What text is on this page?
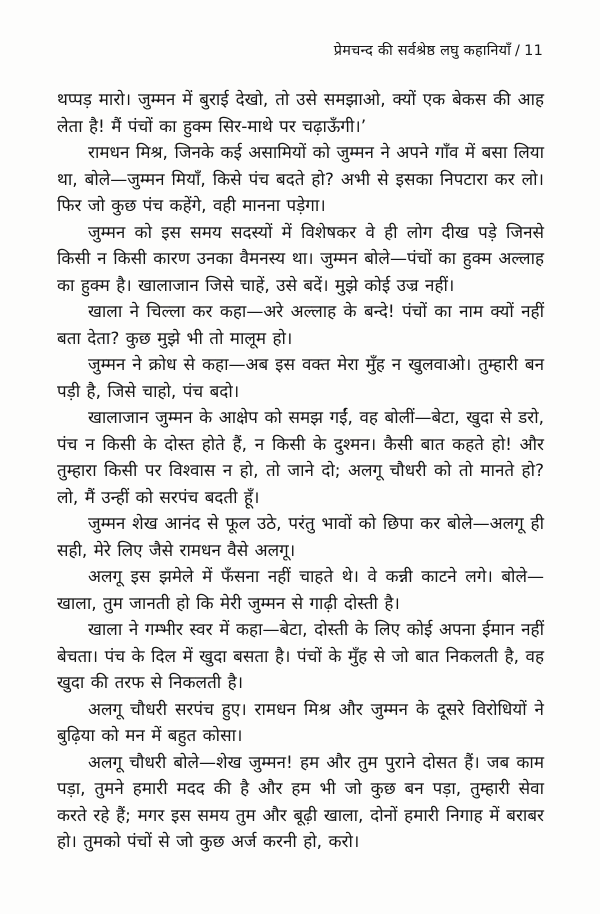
प्रेमचन्द की सर्वश्रेष्ठ लघु कहानियाँ / 11

थप्पड़ मारो। जुम्मन में बुराई देखो, तो उसे समझाओ, क्यों एक बेकस की आह लेता है! मैं पंचों का हुक्म सिर-माथे पर चढ़ाऊँगी।’

रामधन मिश्र, जिनके कई असामियों को जुम्मन ने अपने गाँव में बसा लिया था, बोले—जुम्मन मियाँ, किसे पंच बदते हो? अभी से इसका निपटारा कर लो। फिर जो कुछ पंच कहेंगे, वही मानना पड़ेगा।

जुम्मन को इस समय सदस्यों में विशेषकर वे ही लोग दीख पड़े जिनसे किसी न किसी कारण उनका वैमनस्य था। जुम्मन बोले—पंचों का हुक्म अल्लाह का हुक्म है। खालाजान जिसे चाहें, उसे बदें। मुझे कोई उज्र नहीं।

खाला ने चिल्ला कर कहा—अरे अल्लाह के बन्दे! पंचों का नाम क्यों नहीं बता देता? कुछ मुझे भी तो मालूम हो।

जुम्मन ने क्रोध से कहा—अब इस वक्त मेरा मुँह न खुलवाओ। तुम्हारी बन पड़ी है, जिसे चाहो, पंच बदो।

खालाजान जुम्मन के आक्षेप को समझ गईं, वह बोलीं—बेटा, खुदा से डरो, पंच न किसी के दोस्त होते हैं, न किसी के दुश्मन। कैसी बात कहते हो! और तुम्हारा किसी पर विश्वास न हो, तो जाने दो; अलगू चौधरी को तो मानते हो? लो, मैं उन्हीं को सरपंच बदती हूँ।

जुम्मन शेख आनंद से फूल उठे, परंतु भावों को छिपा कर बोले—अलगू ही सही, मेरे लिए जैसे रामधन वैसे अलगू।

अलगू इस झमेले में फँसना नहीं चाहते थे। वे कन्नी काटने लगे। बोले—खाला, तुम जानती हो कि मेरी जुम्मन से गाढ़ी दोस्ती है।

खाला ने गम्भीर स्वर में कहा—बेटा, दोस्ती के लिए कोई अपना ईमान नहीं बेचता। पंच के दिल में खुदा बसता है। पंचों के मुँह से जो बात निकलती है, वह खुदा की तरफ से निकलती है।

अलगू चौधरी सरपंच हुए। रामधन मिश्र और जुम्मन के दूसरे विरोधियों ने बुढ़िया को मन में बहुत कोसा।

अलगू चौधरी बोले—शेख जुम्मन! हम और तुम पुराने दोसत हैं। जब काम पड़ा, तुमने हमारी मदद की है और हम भी जो कुछ बन पड़ा, तुम्हारी सेवा करते रहे हैं; मगर इस समय तुम और बूढ़ी खाला, दोनों हमारी निगाह में बराबर हो। तुमको पंचों से जो कुछ अर्ज करनी हो, करो।
